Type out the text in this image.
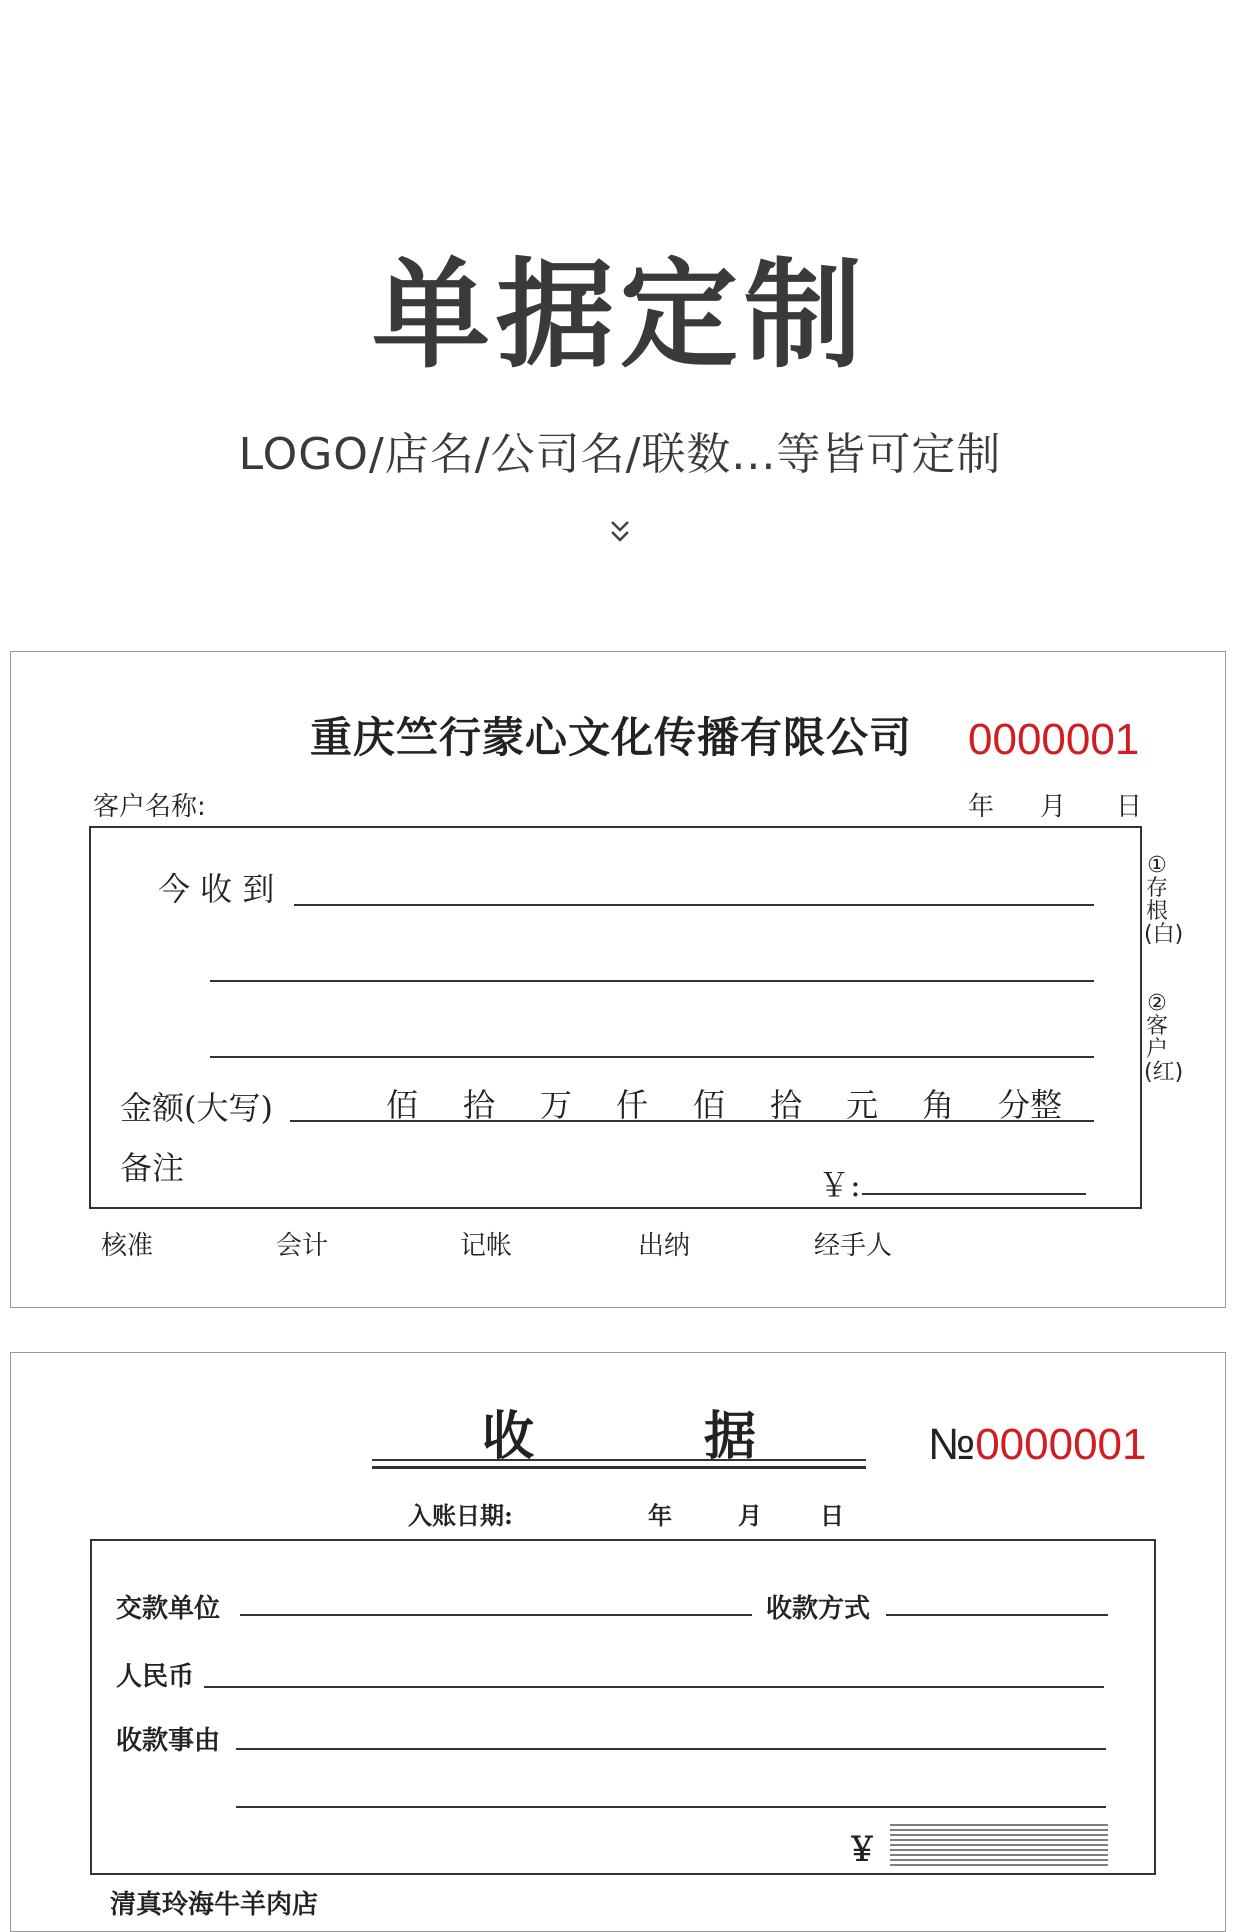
单据定制
LOGO/店名/公司名/联数...等皆可定制
重庆竺行蒙心文化传播有限公司 0000001
客户名称:	年 月 日
今 收 到
金额(大写)	佰 拾 万 仟 佰 拾 元 角 分整
备注	￥:
①存根(白)
②客户(红)
核准	会计	记帐	出纳	经手人
收	据	№0000001
入账日期:	年	月 日
交款单位	收款方式
人民币
收款事由
￥
清真玲海牛羊肉店
